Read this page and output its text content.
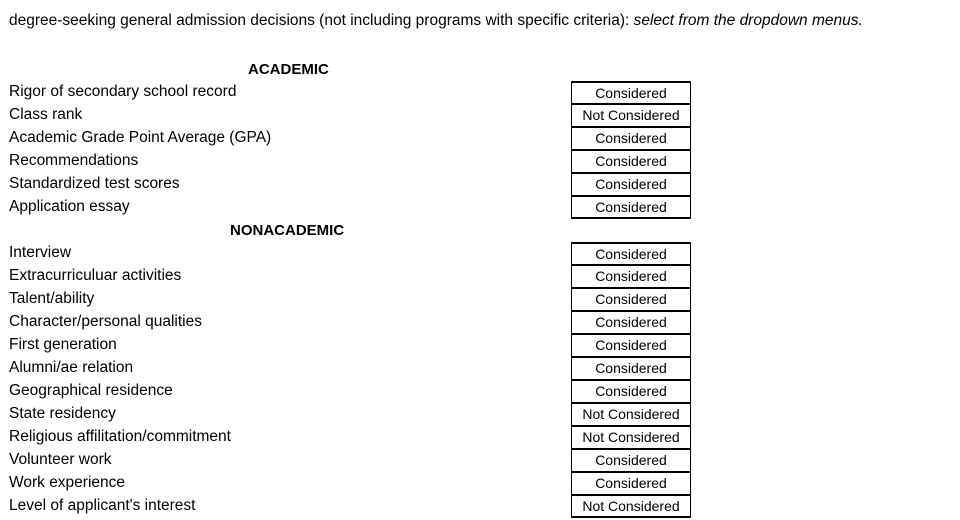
degree-seeking general admission decisions (not including programs with specific criteria): select from the dropdown menus.
ACADEMIC
Rigor of secondary school record	Considered
Class rank	Not Considered
Academic Grade Point Average (GPA)	Considered
Recommendations	Considered
Standardized test scores	Considered
Application essay	Considered
NONACADEMIC
Interview	Considered
Extracurriculuar activities	Considered
Talent/ability	Considered
Character/personal qualities	Considered
First generation	Considered
Alumni/ae relation	Considered
Geographical residence	Considered
State residency	Not Considered
Religious affilitation/commitment	Not Considered
Volunteer work	Considered
Work experience	Considered
Level of applicant's interest	Not Considered
